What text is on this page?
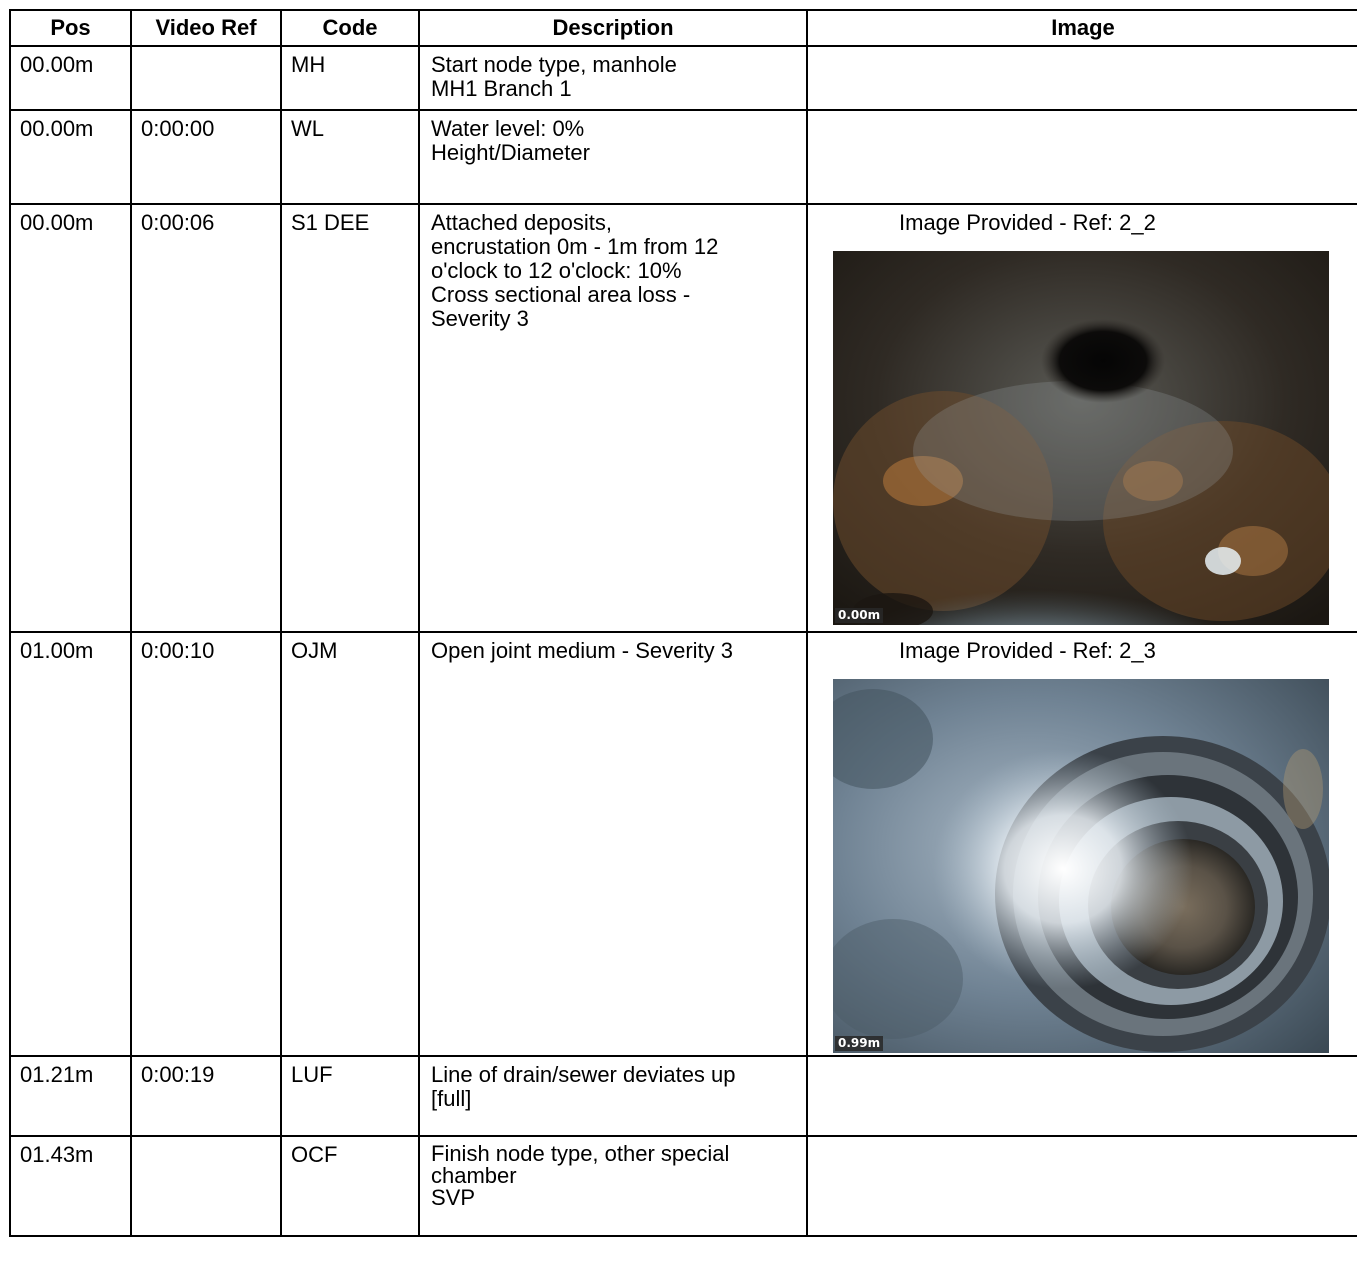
Pos	Video Ref	Code	Description	Image
00.00m		MH	Start node type, manhole
MH1 Branch 1	

00.00m	0:00:00	WL	Water level: 0%
Height/Diameter	

00.00m	0:00:06	S1 DEE	Attached deposits,
encrustation 0m - 1m from 12
o'clock to 12 o'clock: 10%
Cross sectional area loss -
Severity 3	Image Provided - Ref: 2_2
0.00m

01.00m	0:00:10	OJM	Open joint medium - Severity 3	Image Provided - Ref: 2_3
0.99m

01.21m	0:00:19	LUF	Line of drain/sewer deviates up
[full]	

01.43m		OCF	Finish node type, other special
chamber
SVP	
